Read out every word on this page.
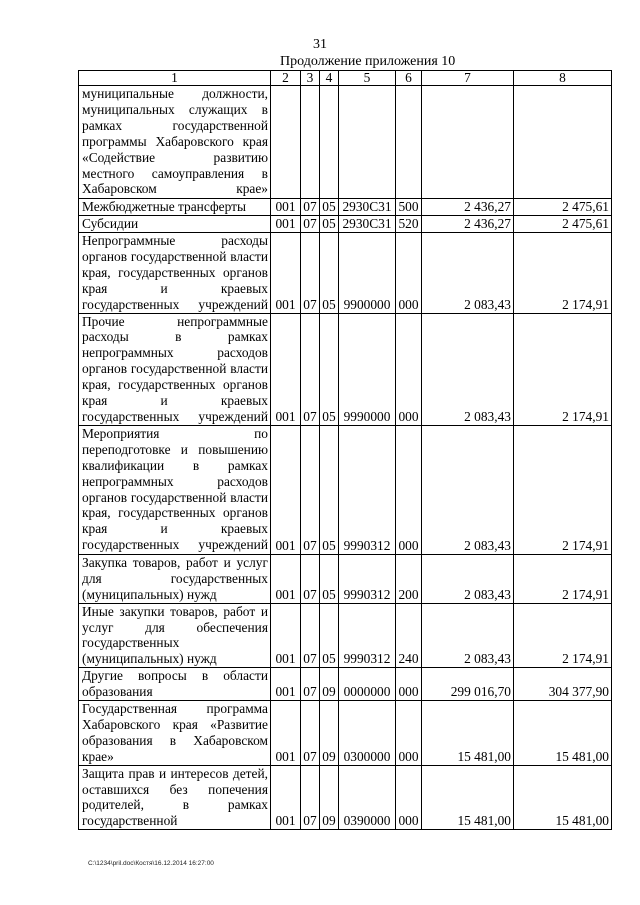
31
Продолжение приложения 10
1	2	3	4	5	6	7	8
муниципальные должности, муниципальных служащих в рамках государственной программы Хабаровского края «Содействие развитию местного самоуправления в Хабаровском крае»							
Межбюджетные трансферты	001	07	05	2930С31	500	2 436,27	2 475,61
Субсидии	001	07	05	2930С31	520	2 436,27	2 475,61
Непрограммные расходы органов государственной власти края, государственных органов края и краевых государственных учреждений	001	07	05	9900000	000	2 083,43	2 174,91
Прочие непрограммные расходы в рамках непрограммных расходов органов государственной власти края, государственных органов края и краевых государственных учреждений	001	07	05	9990000	000	2 083,43	2 174,91
Мероприятия по переподготовке и повышению квалификации в рамках непрограммных расходов органов государственной власти края, государственных органов края и краевых государственных учреждений	001	07	05	9990312	000	2 083,43	2 174,91
Закупка товаров, работ и услуг для государственных (муниципальных) нужд	001	07	05	9990312	200	2 083,43	2 174,91
Иные закупки товаров, работ и услуг для обеспечения государственных (муниципальных) нужд	001	07	05	9990312	240	2 083,43	2 174,91
Другие вопросы в области образования	001	07	09	0000000	000	299 016,70	304 377,90
Государственная программа Хабаровского края «Развитие образования в Хабаровском крае»	001	07	09	0300000	000	15 481,00	15 481,00
Защита прав и интересов детей, оставшихся без попечения родителей, в рамках государственной	001	07	09	0390000	000	15 481,00	15 481,00
C:\1234\pril.doc\Костя\16.12.2014 16:27:00
